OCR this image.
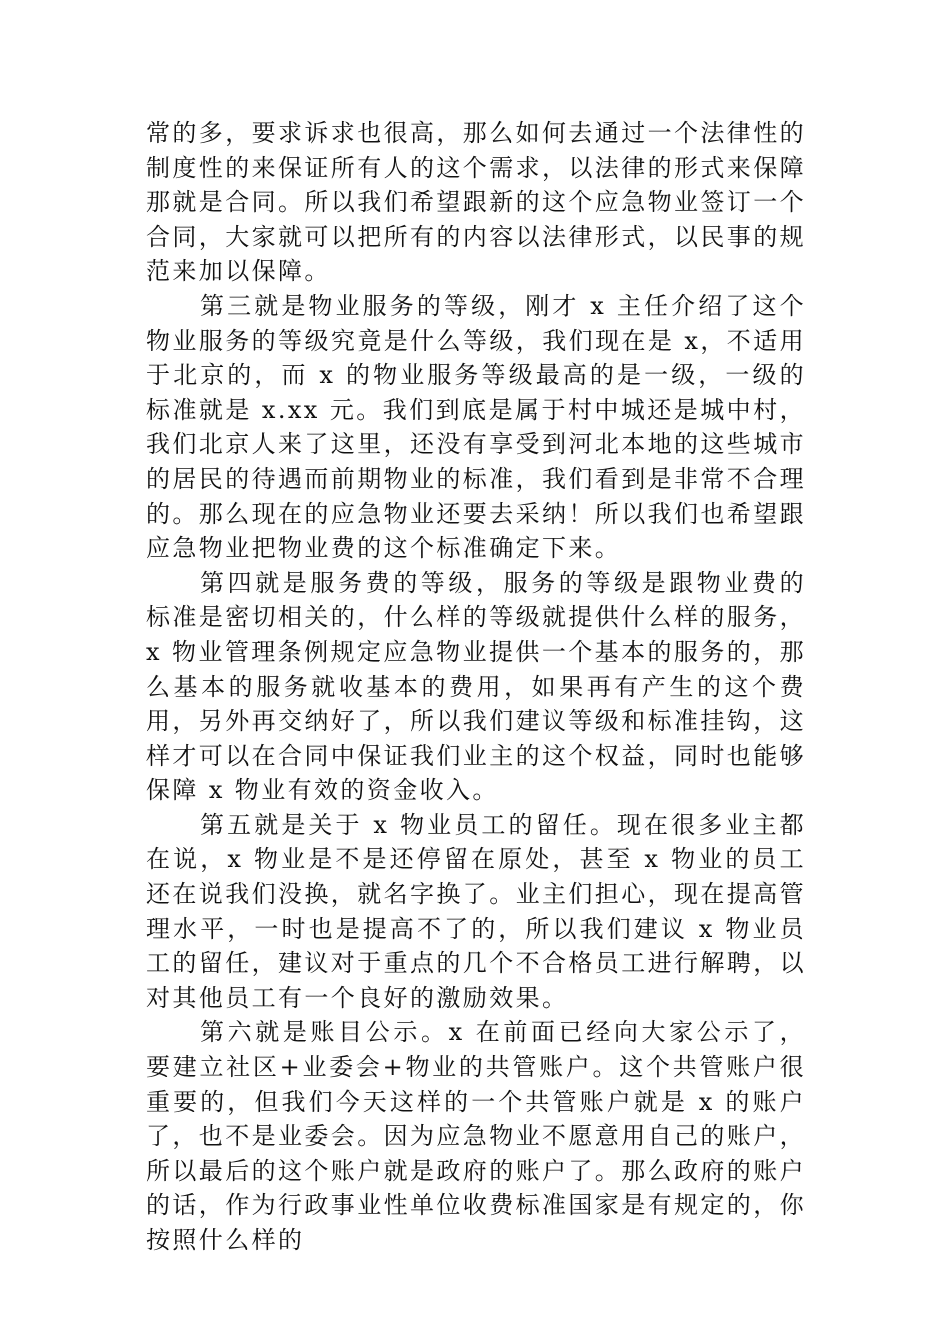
常的多，要求诉求也很高，那么如何去通过一个法律性的制度性的来保证所有人的这个需求，以法律的形式来保障那就是合同。所以我们希望跟新的这个应急物业签订一个合同，大家就可以把所有的内容以法律形式，以民事的规范来加以保障。

第三就是物业服务的等级，刚才 x 主任介绍了这个物业服务的等级究竟是什么等级，我们现在是 x，不适用于北京的，而 x 的物业服务等级最高的是一级，一级的标准就是 x.xx 元。我们到底是属于村中城还是城中村，我们北京人来了这里，还没有享受到河北本地的这些城市的居民的待遇而前期物业的标准，我们看到是非常不合理的。那么现在的应急物业还要去采纳！所以我们也希望跟应急物业把物业费的这个标准确定下来。

第四就是服务费的等级，服务的等级是跟物业费的标准是密切相关的，什么样的等级就提供什么样的服务，x 物业管理条例规定应急物业提供一个基本的服务的，那么基本的服务就收基本的费用，如果再有产生的这个费用，另外再交纳好了，所以我们建议等级和标准挂钩，这样才可以在合同中保证我们业主的这个权益，同时也能够保障 x 物业有效的资金收入。

第五就是关于 x 物业员工的留任。现在很多业主都在说，x 物业是不是还停留在原处，甚至 x 物业的员工还在说我们没换，就名字换了。业主们担心，现在提高管理水平，一时也是提高不了的，所以我们建议 x 物业员工的留任，建议对于重点的几个不合格员工进行解聘，以对其他员工有一个良好的激励效果。

第六就是账目公示。x 在前面已经向大家公示了，要建立社区+业委会+物业的共管账户。这个共管账户很重要的，但我们今天这样的一个共管账户就是 x 的账户了，也不是业委会。因为应急物业不愿意用自己的账户，所以最后的这个账户就是政府的账户了。那么政府的账户的话，作为行政事业性单位收费标准国家是有规定的，你按照什么样的
